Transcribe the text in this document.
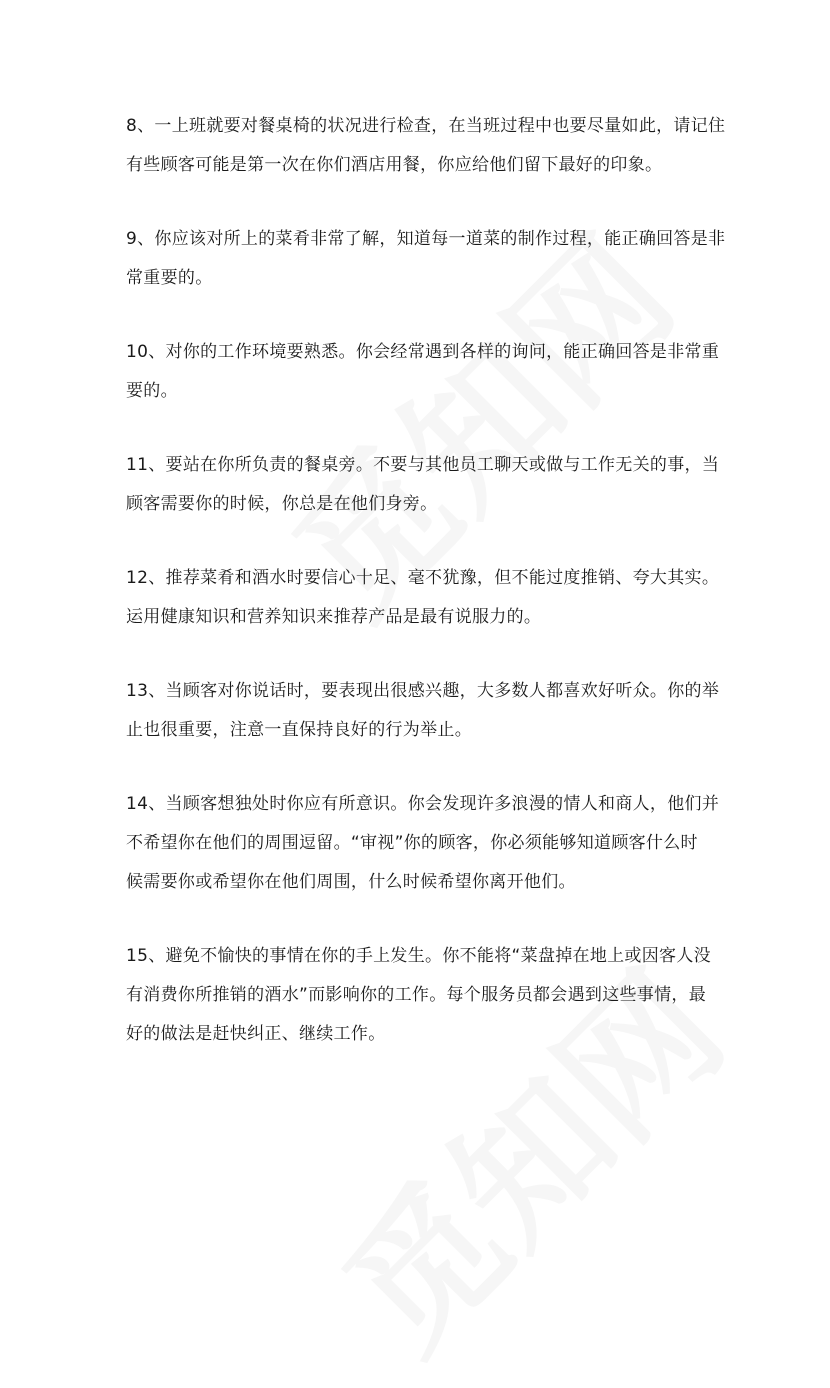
8、一上班就要对餐桌椅的状况进行检查，在当班过程中也要尽量如此，请记住
有些顾客可能是第一次在你们酒店用餐，你应给他们留下最好的印象。

9、你应该对所上的菜肴非常了解，知道每一道菜的制作过程，能正确回答是非
常重要的。

10、对你的工作环境要熟悉。你会经常遇到各样的询问，能正确回答是非常重
要的。

11、要站在你所负责的餐桌旁。不要与其他员工聊天或做与工作无关的事，当
顾客需要你的时候，你总是在他们身旁。

12、推荐菜肴和酒水时要信心十足、毫不犹豫，但不能过度推销、夸大其实。
运用健康知识和营养知识来推荐产品是最有说服力的。

13、当顾客对你说话时，要表现出很感兴趣，大多数人都喜欢好听众。你的举
止也很重要，注意一直保持良好的行为举止。

14、当顾客想独处时你应有所意识。你会发现许多浪漫的情人和商人，他们并
不希望你在他们的周围逗留。“审视”你的顾客，你必须能够知道顾客什么时
候需要你或希望你在他们周围，什么时候希望你离开他们。

15、避免不愉快的事情在你的手上发生。你不能将“菜盘掉在地上或因客人没
有消费你所推销的酒水”而影响你的工作。每个服务员都会遇到这些事情，最
好的做法是赶快纠正、继续工作。
